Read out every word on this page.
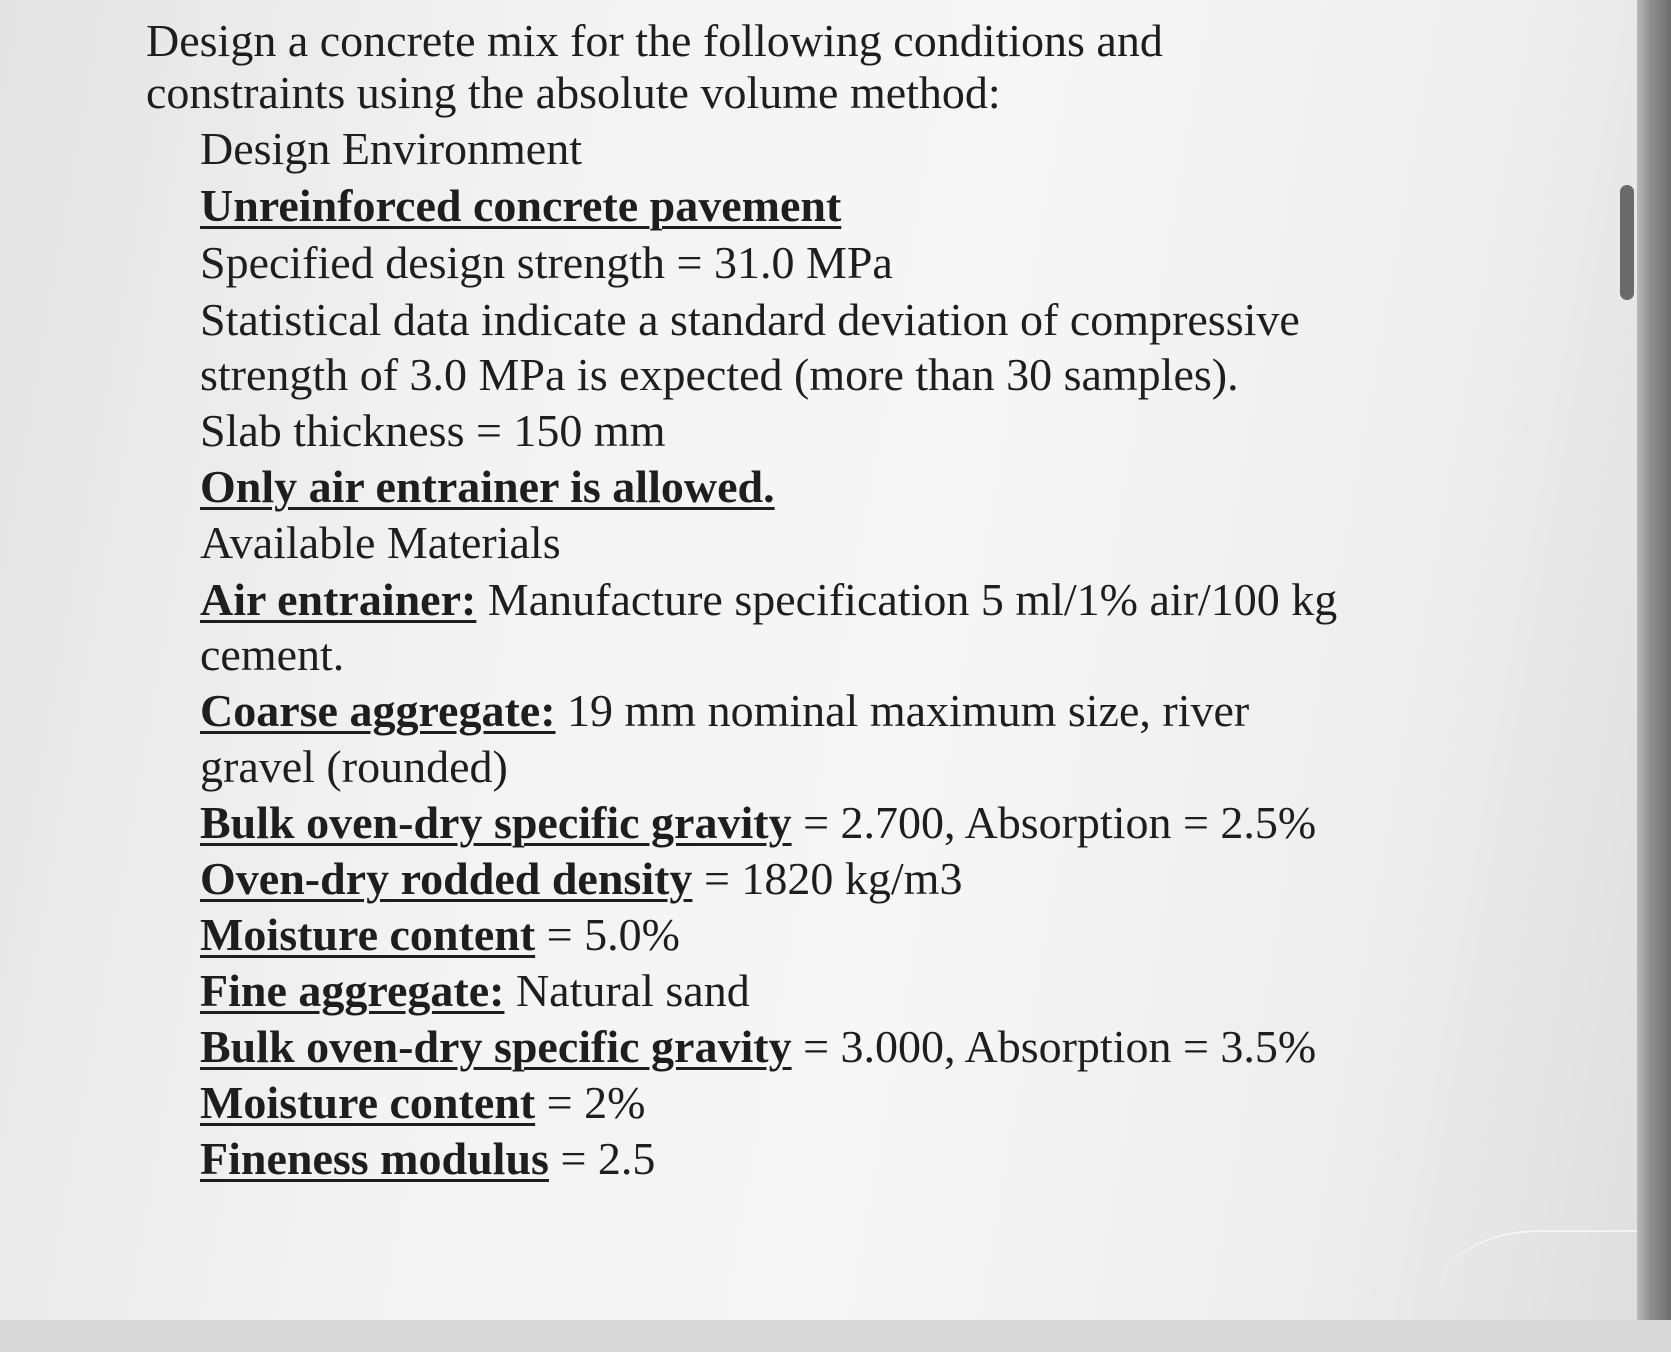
Design a concrete mix for the following conditions and
constraints using the absolute volume method:
Design Environment
Unreinforced concrete pavement
Specified design strength = 31.0 MPa
Statistical data indicate a standard deviation of compressive
strength of 3.0 MPa is expected (more than 30 samples).
Slab thickness = 150 mm
Only air entrainer is allowed.
Available Materials
Air entrainer: Manufacture specification 5 ml/1% air/100 kg
cement.
Coarse aggregate: 19 mm nominal maximum size, river
gravel (rounded)
Bulk oven-dry specific gravity = 2.700, Absorption = 2.5%
Oven-dry rodded density = 1820 kg/m3
Moisture content = 5.0%
Fine aggregate: Natural sand
Bulk oven-dry specific gravity = 3.000, Absorption = 3.5%
Moisture content = 2%
Fineness modulus = 2.5
